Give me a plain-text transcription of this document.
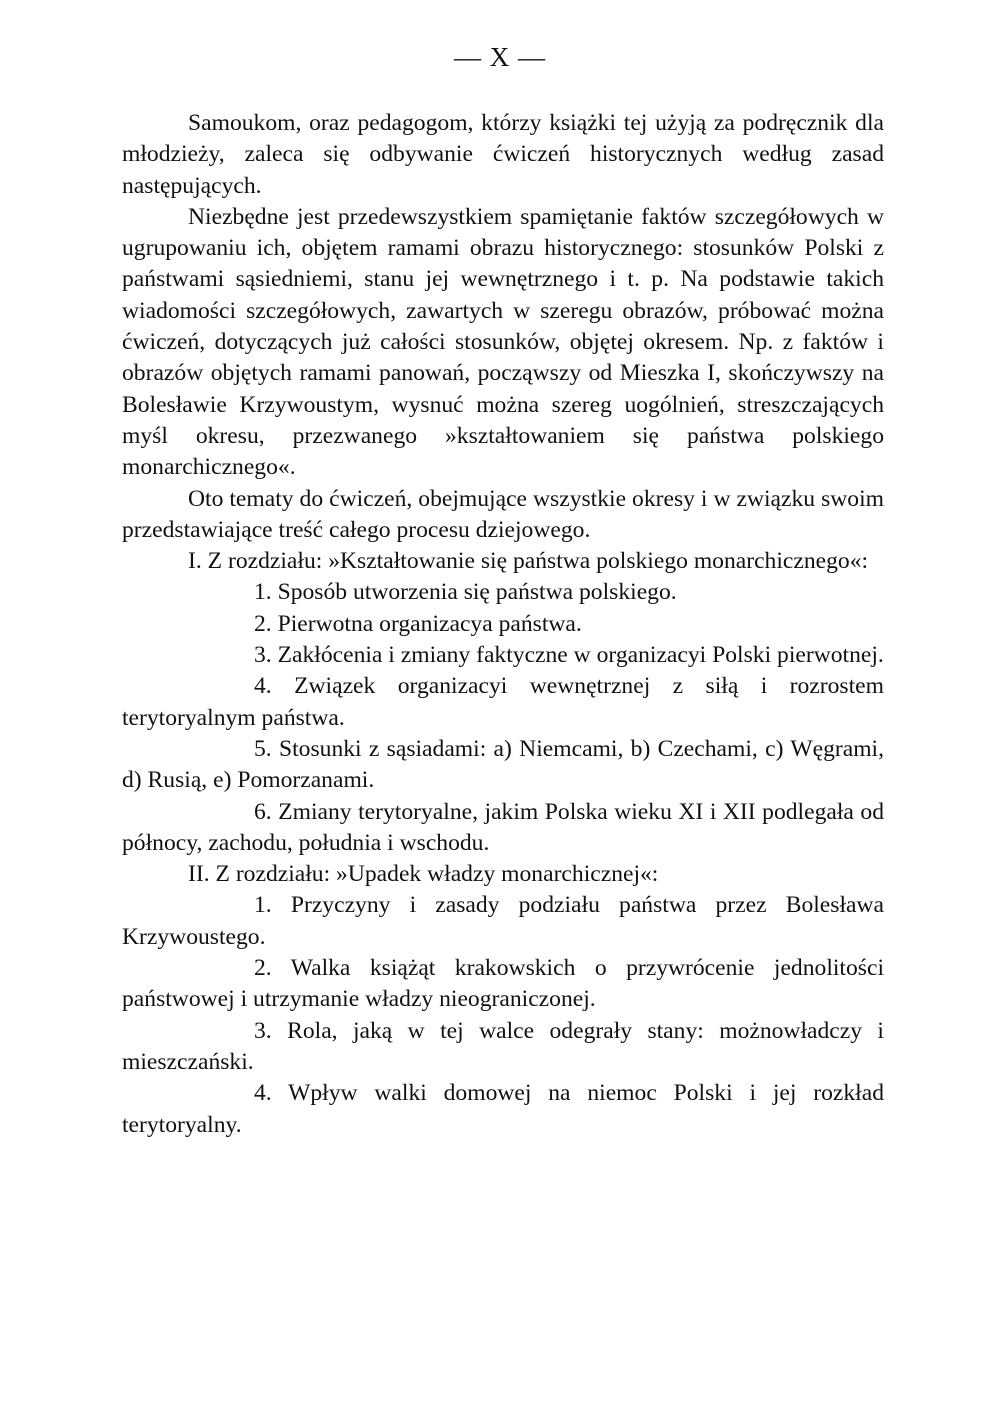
— X —

Samoukom, oraz pedagogom, którzy książki tej użyją za podręcznik dla młodzieży, zaleca się odbywanie ćwiczeń historycznych według zasad następujących.

Niezbędne jest przedewszystkiem spamiętanie faktów szczegółowych w ugrupowaniu ich, objętem ramami obrazu historycznego: stosunków Polski z państwami sąsiedniemi, stanu jej wewnętrznego i t. p. Na podstawie takich wiadomości szczegółowych, zawartych w szeregu obrazów, próbować można ćwiczeń, dotyczących już całości stosunków, objętej okresem. Np. z faktów i obrazów objętych ramami panowań, począwszy od Mieszka I, skończywszy na Bolesławie Krzywoustym, wysnuć można szereg uogólnień, streszczających myśl okresu, przezwanego »kształtowaniem się państwa polskiego monarchicznego«.

Oto tematy do ćwiczeń, obejmujące wszystkie okresy i w związku swoim przedstawiające treść całego procesu dziejowego.

I. Z rozdziału: »Kształtowanie się państwa polskiego monarchicznego«:

1. Sposób utworzenia się państwa polskiego.

2. Pierwotna organizacya państwa.

3. Zakłócenia i zmiany faktyczne w organizacyi Polski pierwotnej.

4. Związek organizacyi wewnętrznej z siłą i rozrostem terytoryalnym państwa.

5. Stosunki z sąsiadami: a) Niemcami, b) Czechami, c) Węgrami, d) Rusią, e) Pomorzanami.

6. Zmiany terytoryalne, jakim Polska wieku XI i XII podlegała od północy, zachodu, południa i wschodu.

II. Z rozdziału: »Upadek władzy monarchicznej«:

1. Przyczyny i zasady podziału państwa przez Bolesława Krzywoustego.

2. Walka książąt krakowskich o przywrócenie jednolitości państwowej i utrzymanie władzy nieograniczonej.

3. Rola, jaką w tej walce odegrały stany: możnowładczy i mieszczański.

4. Wpływ walki domowej na niemoc Polski i jej rozkład terytoryalny.
